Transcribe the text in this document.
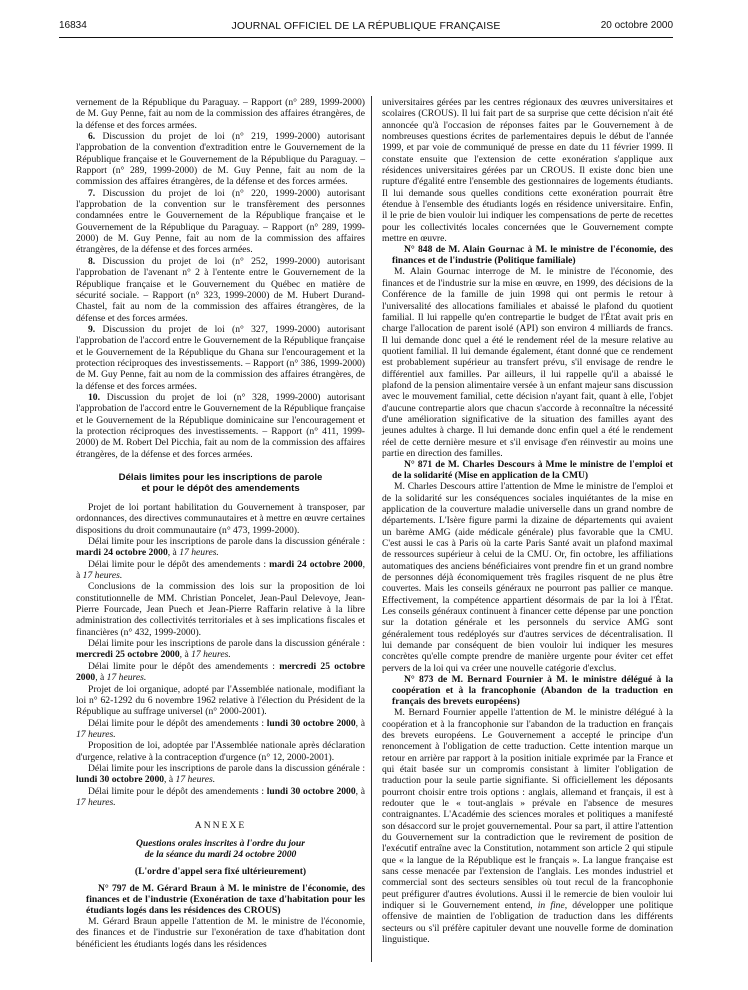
16834	JOURNAL OFFICIEL DE LA RÉPUBLIQUE FRANÇAISE	20 octobre 2000

vernement de la République du Paraguay. – Rapport (n° 289, 1999-2000) de M. Guy Penne, fait au nom de la commission des affaires étrangères, de la défense et des forces armées.

6. Discussion du projet de loi (n° 219, 1999-2000) autorisant l'approbation de la convention d'extradition entre le Gouvernement de la République française et le Gouvernement de la République du Paraguay. – Rapport (n° 289, 1999-2000) de M. Guy Penne, fait au nom de la commission des affaires étrangères, de la défense et des forces armées.

7. Discussion du projet de loi (n° 220, 1999-2000) autorisant l'approbation de la convention sur le transfèrement des personnes condamnées entre le Gouvernement de la République française et le Gouvernement de la République du Paraguay. – Rapport (n° 289, 1999-2000) de M. Guy Penne, fait au nom de la commission des affaires étrangères, de la défense et des forces armées.

8. Discussion du projet de loi (n° 252, 1999-2000) autorisant l'approbation de l'avenant n° 2 à l'entente entre le Gouvernement de la République française et le Gouvernement du Québec en matière de sécurité sociale. – Rapport (n° 323, 1999-2000) de M. Hubert Durand-Chastel, fait au nom de la commission des affaires étrangères, de la défense et des forces armées.

9. Discussion du projet de loi (n° 327, 1999-2000) autorisant l'approbation de l'accord entre le Gouvernement de la République française et le Gouvernement de la République du Ghana sur l'encouragement et la protection réciproques des investissements. – Rapport (n° 386, 1999-2000) de M. Guy Penne, fait au nom de la commission des affaires étrangères, de la défense et des forces armées.

10. Discussion du projet de loi (n° 328, 1999-2000) autorisant l'approbation de l'accord entre le Gouvernement de la République française et le Gouvernement de la République dominicaine sur l'encouragement et la protection réciproques des investissements. – Rapport (n° 411, 1999-2000) de M. Robert Del Picchia, fait au nom de la commission des affaires étrangères, de la défense et des forces armées.

Délais limites pour les inscriptions de parole
et pour le dépôt des amendements

Projet de loi portant habilitation du Gouvernement à transposer, par ordonnances, des directives communautaires et à mettre en œuvre certaines dispositions du droit communautaire (n° 473, 1999-2000).

Délai limite pour les inscriptions de parole dans la discussion générale : mardi 24 octobre 2000, à 17 heures.

Délai limite pour le dépôt des amendements : mardi 24 octobre 2000, à 17 heures.

Conclusions de la commission des lois sur la proposition de loi constitutionnelle de MM. Christian Poncelet, Jean-Paul Delevoye, Jean-Pierre Fourcade, Jean Puech et Jean-Pierre Raffarin relative à la libre administration des collectivités territoriales et à ses implications fiscales et financières (n° 432, 1999-2000).

Délai limite pour les inscriptions de parole dans la discussion générale : mercredi 25 octobre 2000, à 17 heures.

Délai limite pour le dépôt des amendements : mercredi 25 octobre 2000, à 17 heures.

Projet de loi organique, adopté par l'Assemblée nationale, modifiant la loi n° 62-1292 du 6 novembre 1962 relative à l'élection du Président de la République au suffrage universel (n° 2000-2001).

Délai limite pour le dépôt des amendements : lundi 30 octobre 2000, à 17 heures.

Proposition de loi, adoptée par l'Assemblée nationale après déclaration d'urgence, relative à la contraception d'urgence (n° 12, 2000-2001).

Délai limite pour les inscriptions de parole dans la discussion générale : lundi 30 octobre 2000, à 17 heures.

Délai limite pour le dépôt des amendements : lundi 30 octobre 2000, à 17 heures.

ANNEXE
Questions orales inscrites à l'ordre du jour
de la séance du mardi 24 octobre 2000
(L'ordre d'appel sera fixé ultérieurement)

N° 797 de M. Gérard Braun à M. le ministre de l'économie, des finances et de l'industrie (Exonération de taxe d'habitation pour les étudiants logés dans les résidences des CROUS)

M. Gérard Braun appelle l'attention de M. le ministre de l'économie, des finances et de l'industrie sur l'exonération de taxe d'habitation dont bénéficient les étudiants logés dans les résidences

universitaires gérées par les centres régionaux des œuvres universitaires et scolaires (CROUS). Il lui fait part de sa surprise que cette décision n'ait été annoncée qu'à l'occasion de réponses faites par le Gouvernement à de nombreuses questions écrites de parlementaires depuis le début de l'année 1999, et par voie de communiqué de presse en date du 11 février 1999. Il constate ensuite que l'extension de cette exonération s'applique aux résidences universitaires gérées par un CROUS. Il existe donc bien une rupture d'égalité entre l'ensemble des gestionnaires de logements étudiants. Il lui demande sous quelles conditions cette exonération pourrait être étendue à l'ensemble des étudiants logés en résidence universitaire. Enfin, il le prie de bien vouloir lui indiquer les compensations de perte de recettes pour les collectivités locales concernées que le Gouvernement compte mettre en œuvre.

N° 848 de M. Alain Gournac à M. le ministre de l'économie, des finances et de l'industrie (Politique familiale)

M. Alain Gournac interroge de M. le ministre de l'économie, des finances et de l'industrie sur la mise en œuvre, en 1999, des décisions de la Conférence de la famille de juin 1998 qui ont permis le retour à l'universalité des allocations familiales et abaissé le plafond du quotient familial. Il lui rappelle qu'en contrepartie le budget de l'État avait pris en charge l'allocation de parent isolé (API) son environ 4 milliards de francs. Il lui demande donc quel a été le rendement réel de la mesure relative au quotient familial. Il lui demande également, étant donné que ce rendement est probablement supérieur au transfert prévu, s'il envisage de rendre le différentiel aux familles. Par ailleurs, il lui rappelle qu'il a abaissé le plafond de la pension alimentaire versée à un enfant majeur sans discussion avec le mouvement familial, cette décision n'ayant fait, quant à elle, l'objet d'aucune contrepartie alors que chacun s'accorde à reconnaître la nécessité d'une amélioration significative de la situation des familles ayant des jeunes adultes à charge. Il lui demande donc enfin quel a été le rendement réel de cette dernière mesure et s'il envisage d'en réinvestir au moins une partie en direction des familles.

N° 871 de M. Charles Descours à Mme le ministre de l'emploi et de la solidarité (Mise en application de la CMU)

M. Charles Descours attire l'attention de Mme le ministre de l'emploi et de la solidarité sur les conséquences sociales inquiétantes de la mise en application de la couverture maladie universelle dans un grand nombre de départements. L'Isère figure parmi la dizaine de départements qui avaient un barème AMG (aide médicale générale) plus favorable que la CMU. C'est aussi le cas à Paris où la carte Paris Santé avait un plafond maximal de ressources supérieur à celui de la CMU. Or, fin octobre, les affiliations automatiques des anciens bénéficiaires vont prendre fin et un grand nombre de personnes déjà économiquement très fragiles risquent de ne plus être couvertes. Mais les conseils généraux ne pourront pas pallier ce manque. Effectivement, la compétence appartient désormais de par la loi à l'État. Les conseils généraux continuent à financer cette dépense par une ponction sur la dotation générale et les personnels du service AMG sont généralement tous redéployés sur d'autres services de décentralisation. Il lui demande par conséquent de bien vouloir lui indiquer les mesures concrètes qu'elle compte prendre de manière urgente pour éviter cet effet pervers de la loi qui va créer une nouvelle catégorie d'exclus.

N° 873 de M. Bernard Fournier à M. le ministre délégué à la coopération et à la francophonie (Abandon de la traduction en français des brevets européens)

M. Bernard Fournier appelle l'attention de M. le ministre délégué à la coopération et à la francophonie sur l'abandon de la traduction en français des brevets européens. Le Gouvernement a accepté le principe d'un renoncement à l'obligation de cette traduction. Cette intention marque un retour en arrière par rapport à la position initiale exprimée par la France et qui était basée sur un compromis consistant à limiter l'obligation de traduction pour la seule partie signifiante. Si officiellement les déposants pourront choisir entre trois options : anglais, allemand et français, il est à redouter que le « tout-anglais » prévale en l'absence de mesures contraignantes. L'Académie des sciences morales et politiques a manifesté son désaccord sur le projet gouvernemental. Pour sa part, il attire l'attention du Gouvernement sur la contradiction que le revirement de position de l'exécutif entraîne avec la Constitution, notamment son article 2 qui stipule que « la langue de la République est le français ». La langue française est sans cesse menacée par l'extension de l'anglais. Les mondes industriel et commercial sont des secteurs sensibles où tout recul de la francophonie peut préfigurer d'autres évolutions. Aussi il le remercie de bien vouloir lui indiquer si le Gouvernement entend, in fine, développer une politique offensive de maintien de l'obligation de traduction dans les différents secteurs ou s'il préfère capituler devant une nouvelle forme de domination linguistique.
